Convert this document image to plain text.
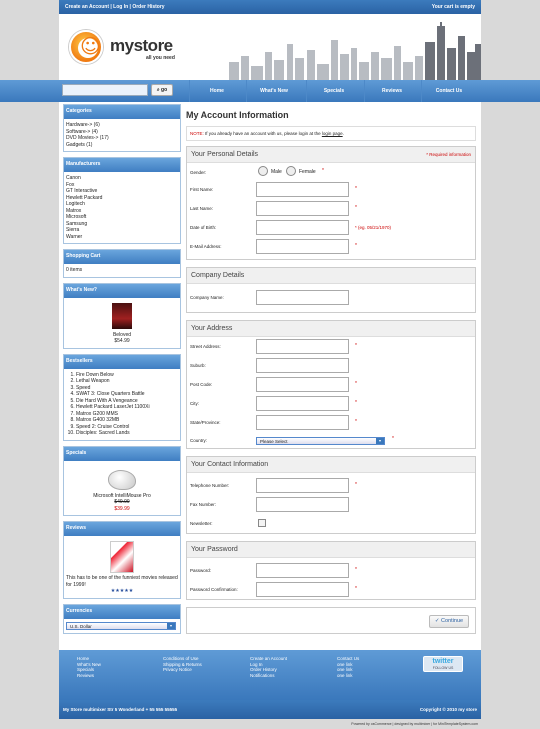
Create an Account | Log In | Order History	Your cart is empty
☺
mystore
all you need
⌕ go	Home	What's New	Specials	Reviews	Contact Us
Categories
Hardware-> (6)
Software-> (4)
DVD Movies-> (17)
Gadgets (1)
Manufacturers
Canon
Fox
GT Interactive
Hewlett Packard
Logitech
Matrox
Microsoft
Samsung
Sierra
Warner
Shopping Cart
0 items
What's New?
Beloved
$54.99
Bestsellers
1. Fire Down Below
2. Lethal Weapon
3. Speed
4. SWAT 3: Close Quarters Battle
5. Die Hard With A Vengeance
6. Hewlett Packard LaserJet 1100Xi
7. Matrox G200 MMS
8. Matrox G400 32MB
9. Speed 2: Cruise Control
10. Disciples: Sacred Lands
Specials
Microsoft IntelliMouse Pro
$49.99
$39.99
Reviews
This has to be one of the funniest movies released for 1999!
★★★★★
Currencies
U.S. Dollar	▾
My Account Information
NOTE: If you already have an account with us, please login at the login page.
Your Personal Details	* Required information
Gender:	Male	Female *
First Name:	*
Last Name:	*
Date of Birth:	* (eg. 05/21/1970)
E-Mail Address:	*
Company Details
Company Name:
Your Address
Street Address:	*
Suburb:
Post Code:	*
City:	*
State/Province:	*
Country:	Please Select	▾	*
Your Contact Information
Telephone Number:	*
Fax Number:
Newsletter:
Your Password
Password:	*
Password Confirmation:	*
✓ Continue
Home
What's New
Specials
Reviews
Conditions of Use
Shipping & Returns
Privacy Notice
Create an Account
Log In
Order History
Notifications
Contact Us
one link
one link
one link
twitter
FOLLOW US
My Store multimixer Str 5 Wonderland + 55 555 55555	Copyright © 2010 my store
Powered by osCommerce | designed by multimixer | for MiniTemplateSystem.com
